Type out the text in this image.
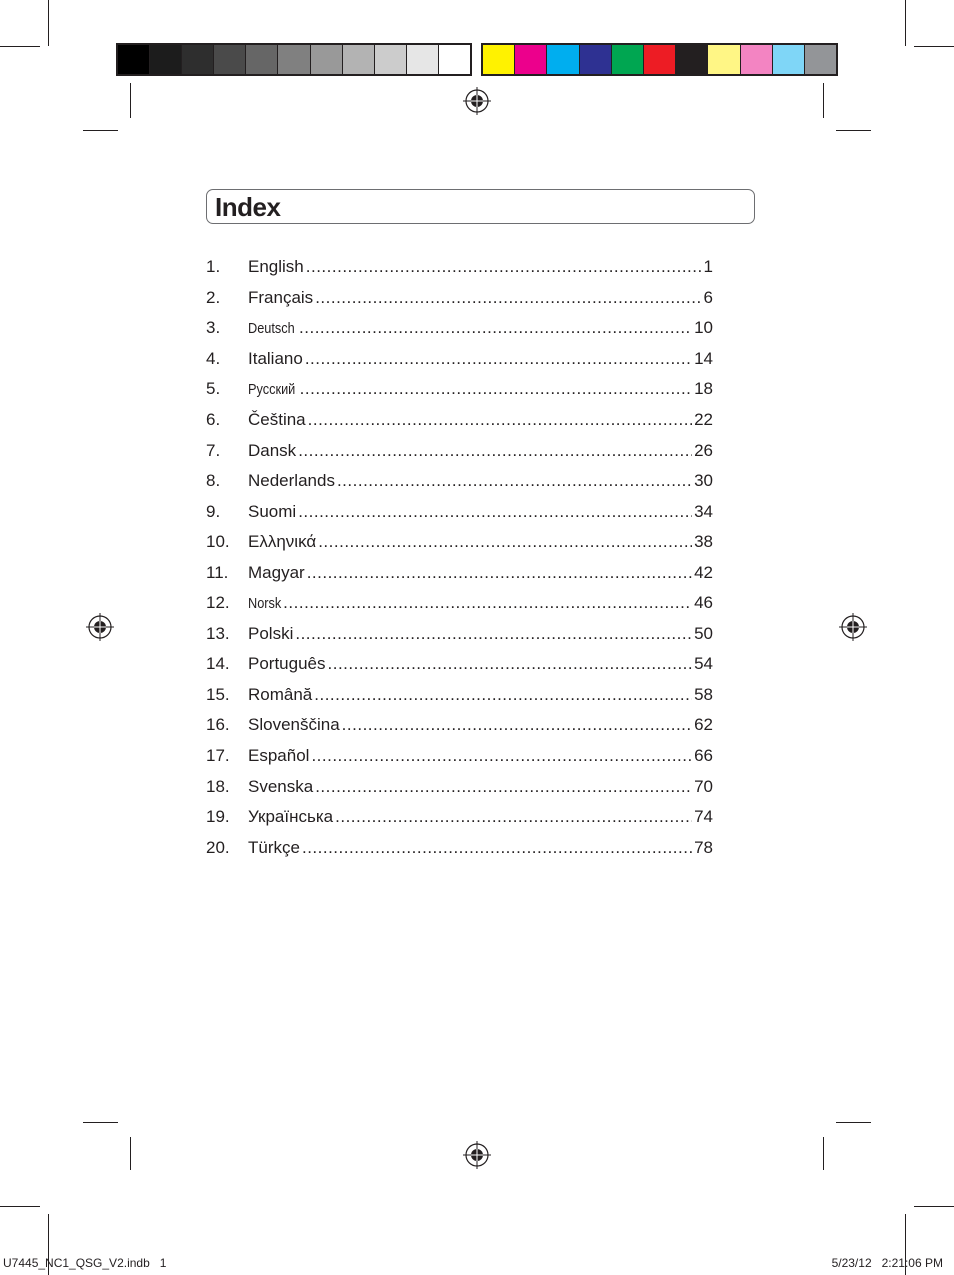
Index
1.	English .....	1
2.	Français .....	6
3.	Deutsch .....	10
4.	Italiano .....	14
5.	Русский .....	18
6.	Čeština .....	22
7.	Dansk .....	26
8.	Nederlands .....	30
9.	Suomi .....	34
10.	Ελληνικά .....	38
11.	Magyar .....	42
12.	Norsk .....	46
13.	Polski .....	50
14.	Português .....	54
15.	Română .....	58
16.	Slovenščina .....	62
17.	Español .....	66
18.	Svenska .....	70
19.	Українська .....	74
20.	Türkçe .....	78
U7445_NC1_QSG_V2.indb   1	5/23/12   2:21:06 PM
